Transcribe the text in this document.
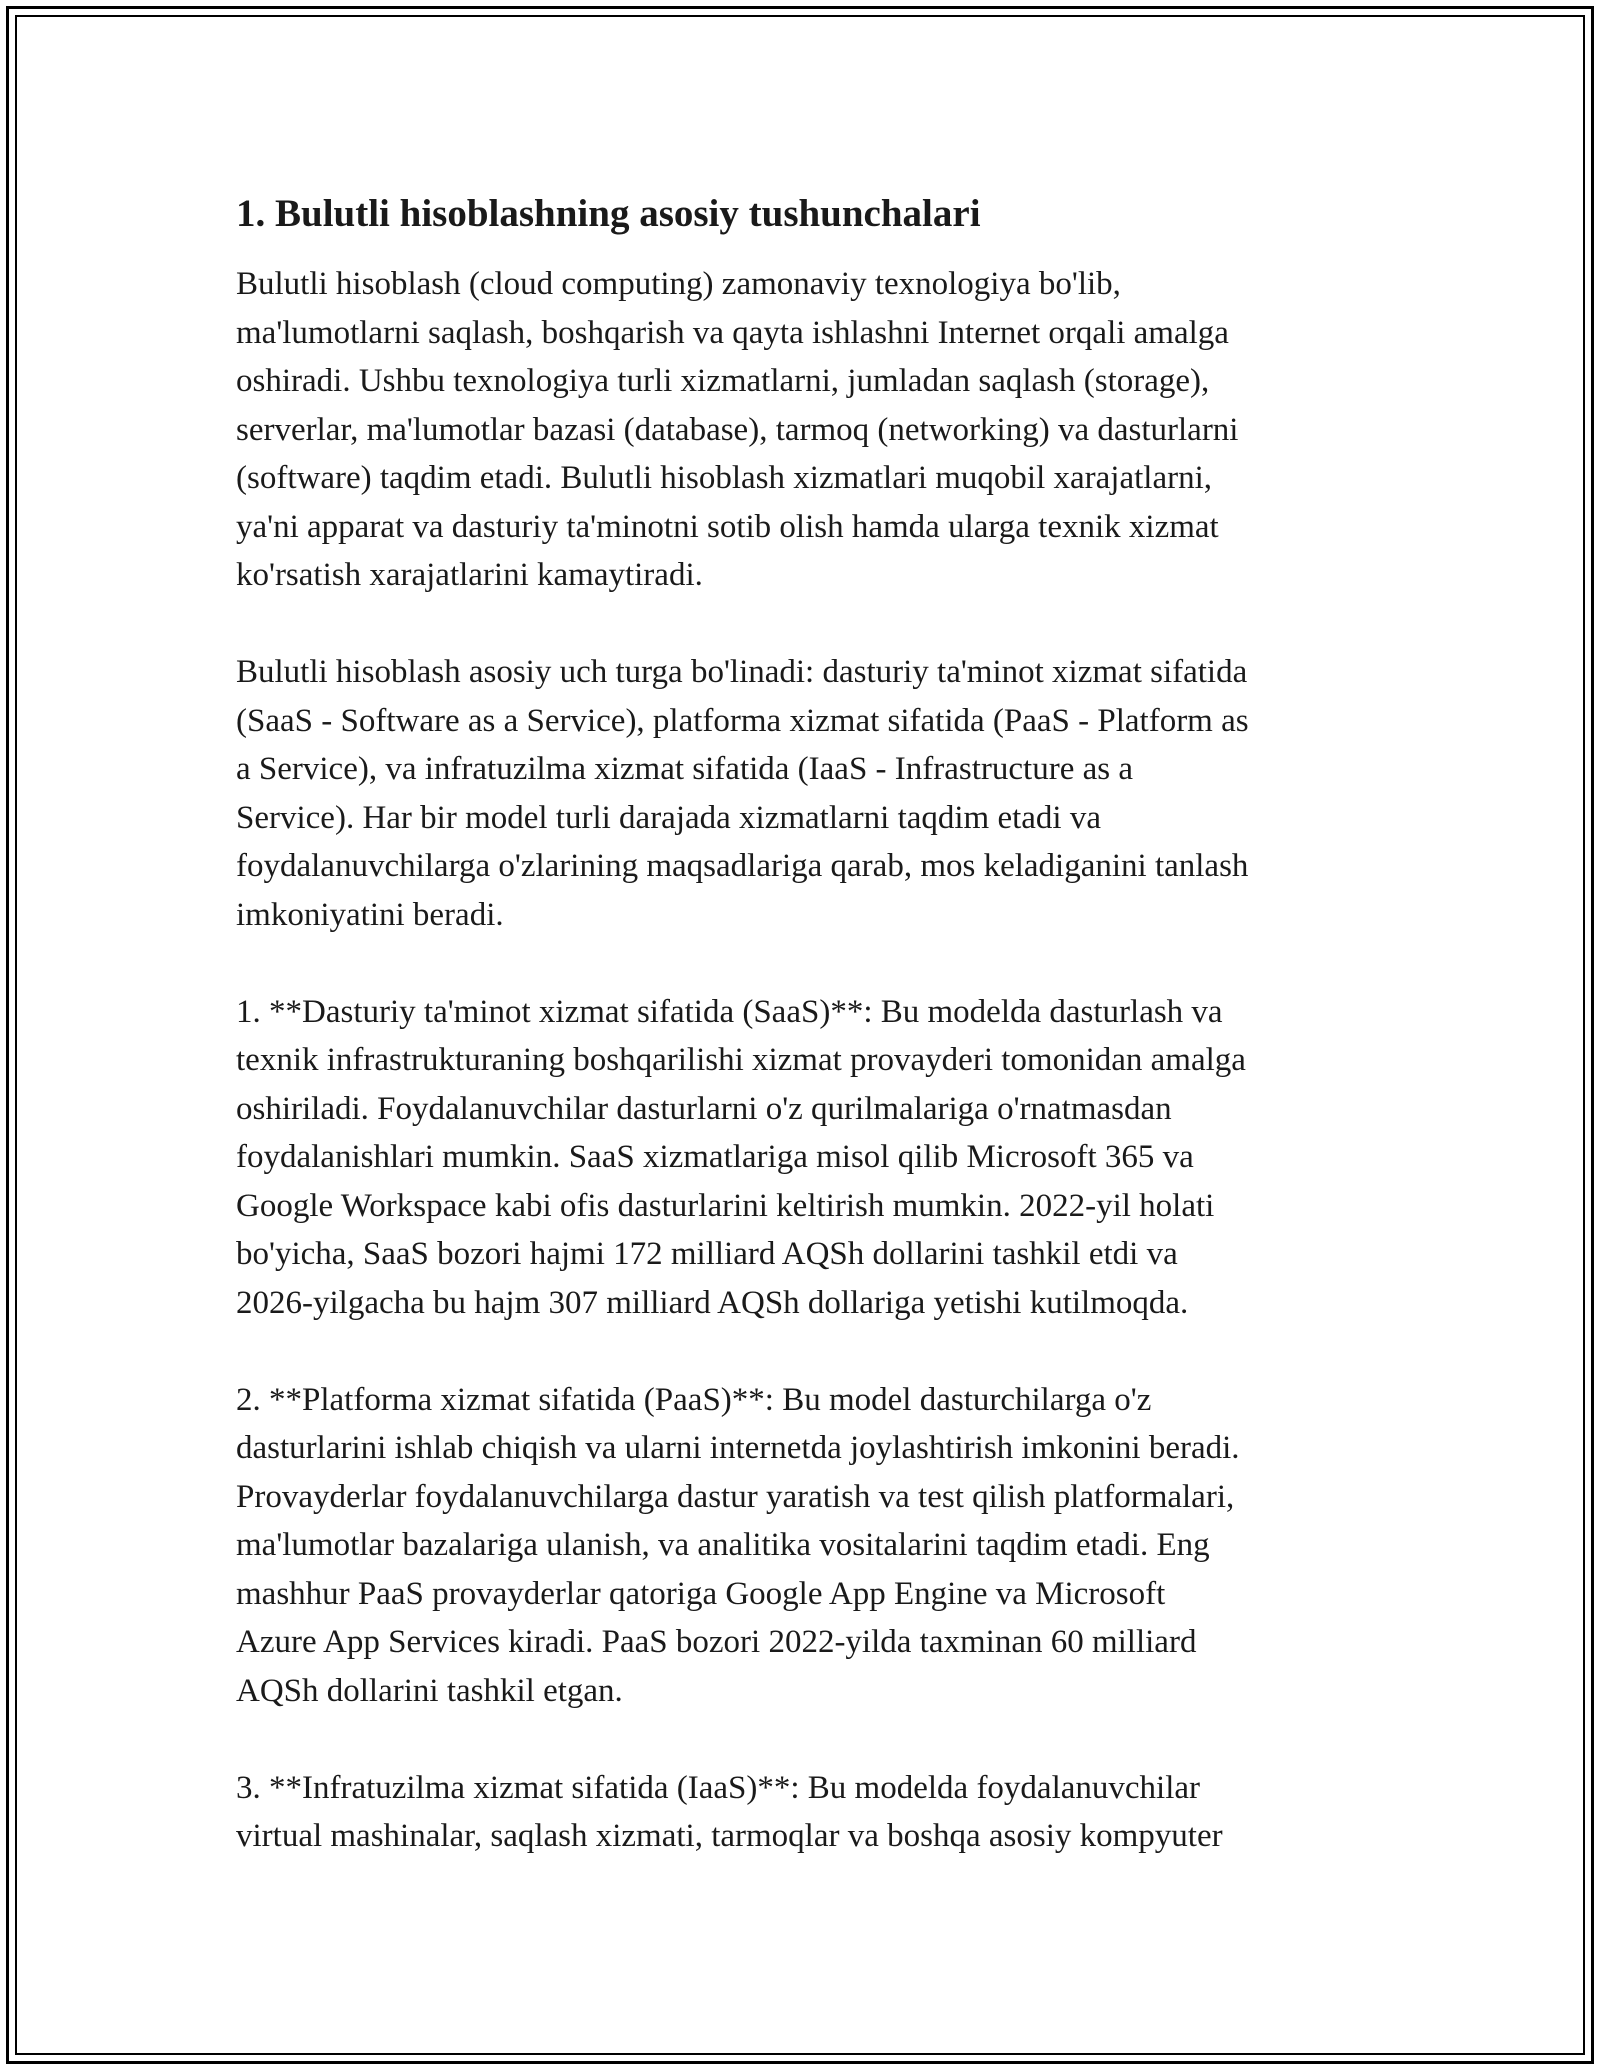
1. Bulutli hisoblashning asosiy tushunchalari

Bulutli hisoblash (cloud computing) zamonaviy texnologiya bo'lib,
ma'lumotlarni saqlash, boshqarish va qayta ishlashni Internet orqali amalga
oshiradi. Ushbu texnologiya turli xizmatlarni, jumladan saqlash (storage),
serverlar, ma'lumotlar bazasi (database), tarmoq (networking) va dasturlarni
(software) taqdim etadi. Bulutli hisoblash xizmatlari muqobil xarajatlarni,
ya'ni apparat va dasturiy ta'minotni sotib olish hamda ularga texnik xizmat
ko'rsatish xarajatlarini kamaytiradi.

Bulutli hisoblash asosiy uch turga bo'linadi: dasturiy ta'minot xizmat sifatida
(SaaS - Software as a Service), platforma xizmat sifatida (PaaS - Platform as
a Service), va infratuzilma xizmat sifatida (IaaS - Infrastructure as a
Service). Har bir model turli darajada xizmatlarni taqdim etadi va
foydalanuvchilarga o'zlarining maqsadlariga qarab, mos keladiganini tanlash
imkoniyatini beradi.

1. **Dasturiy ta'minot xizmat sifatida (SaaS)**: Bu modelda dasturlash va
texnik infrastrukturaning boshqarilishi xizmat provayderi tomonidan amalga
oshiriladi. Foydalanuvchilar dasturlarni o'z qurilmalariga o'rnatmasdan
foydalanishlari mumkin. SaaS xizmatlariga misol qilib Microsoft 365 va
Google Workspace kabi ofis dasturlarini keltirish mumkin. 2022-yil holati
bo'yicha, SaaS bozori hajmi 172 milliard AQSh dollarini tashkil etdi va
2026-yilgacha bu hajm 307 milliard AQSh dollariga yetishi kutilmoqda.

2. **Platforma xizmat sifatida (PaaS)**: Bu model dasturchilarga o'z
dasturlarini ishlab chiqish va ularni internetda joylashtirish imkonini beradi.
Provayderlar foydalanuvchilarga dastur yaratish va test qilish platformalari,
ma'lumotlar bazalariga ulanish, va analitika vositalarini taqdim etadi. Eng
mashhur PaaS provayderlar qatoriga Google App Engine va Microsoft
Azure App Services kiradi. PaaS bozori 2022-yilda taxminan 60 milliard
AQSh dollarini tashkil etgan.

3. **Infratuzilma xizmat sifatida (IaaS)**: Bu modelda foydalanuvchilar
virtual mashinalar, saqlash xizmati, tarmoqlar va boshqa asosiy kompyuter
